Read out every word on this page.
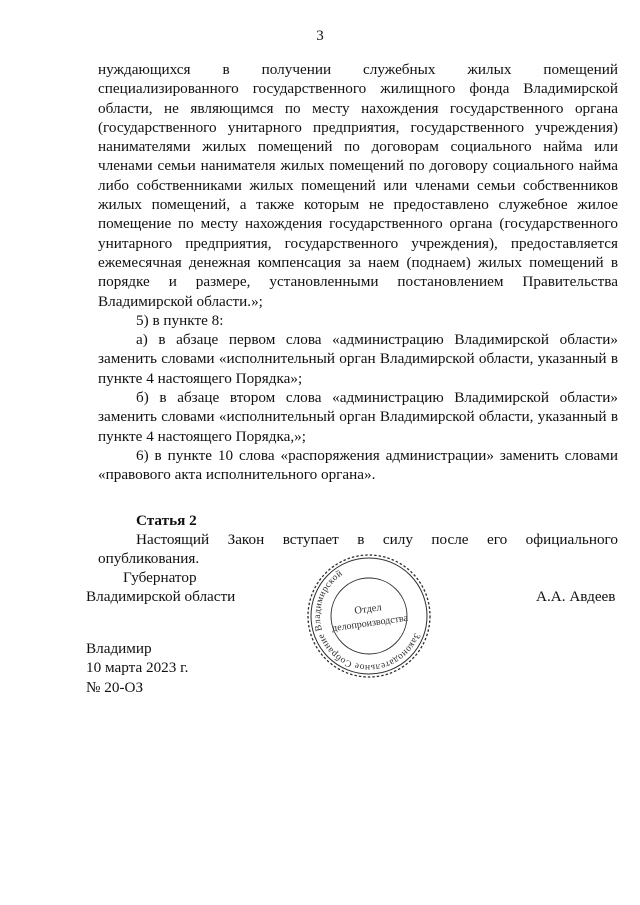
3

нуждающихся в получении служебных жилых помещений специализированного государственного жилищного фонда Владимирской области, не являющимся по месту нахождения государственного органа (государственного унитарного предприятия, государственного учреждения) нанимателями жилых помещений по договорам социального найма или членами семьи нанимателя жилых помещений по договору социального найма либо собственниками жилых помещений или членами семьи собственников жилых помещений, а также которым не предоставлено служебное жилое помещение по месту нахождения государственного органа (государственного унитарного предприятия, государственного учреждения), предоставляется ежемесячная денежная компенсация за наем (поднаем) жилых помещений в порядке и размере, установленными постановлением Правительства Владимирской области.»;

5) в пункте 8:

а) в абзаце первом слова «администрацию Владимирской области» заменить словами «исполнительный орган Владимирской области, указанный в пункте 4 настоящего Порядка»;

б) в абзаце втором слова «администрацию Владимирской области» заменить словами «исполнительный орган Владимирской области, указанный в пункте 4 настоящего Порядка,»;

6) в пункте 10 слова «распоряжения администрации» заменить словами «правового акта исполнительного органа».

Статья 2

Настоящий Закон вступает в силу после его официального опубликования.

Губернатор
Владимирской области
Законодательное Собрание Владимирской
Отдел
делопроизводства
А.А. Авдеев
Владимир
10 марта 2023 г.
№ 20-ОЗ
